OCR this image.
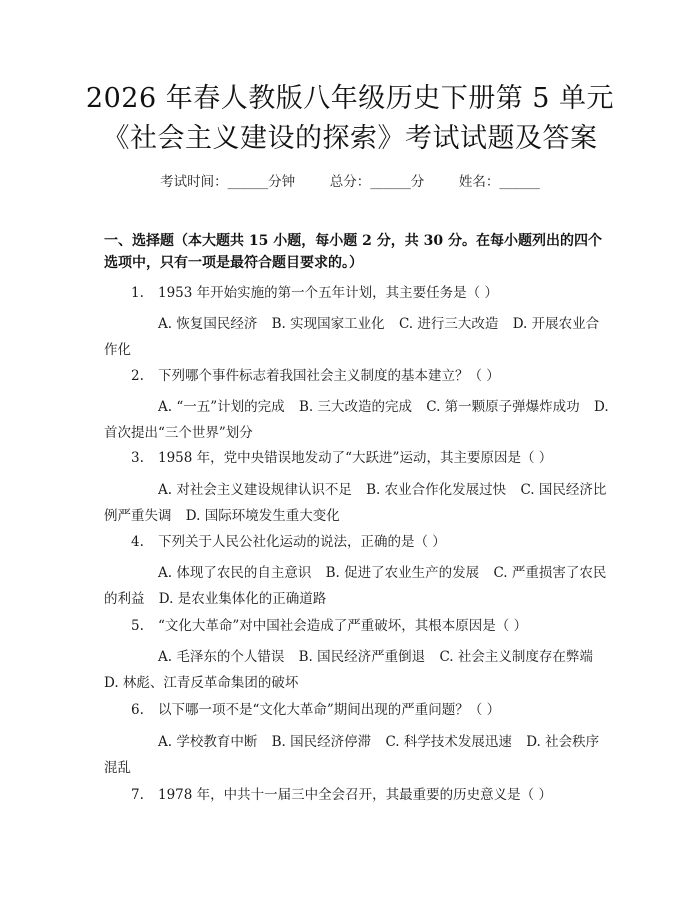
2026 年春人教版八年级历史下册第 5 单元
《社会主义建设的探索》考试试题及答案
考试时间：______分钟	总分：______分	姓名：______
一、选择题（本大题共 15 小题，每小题 2 分，共 30 分。在每小题列出的四个选项中，只有一项是最符合题目要求的。）
1. 1953 年开始实施的第一个五年计划，其主要任务是（ ）
A. 恢复国民经济 B. 实现国家工业化 C. 进行三大改造 D. 开展农业合作化
2. 下列哪个事件标志着我国社会主义制度的基本建立？（ ）
A. “一五”计划的完成 B. 三大改造的完成 C. 第一颗原子弹爆炸成功 D. 首次提出“三个世界”划分
3. 1958 年，党中央错误地发动了“大跃进”运动，其主要原因是（ ）
A. 对社会主义建设规律认识不足 B. 农业合作化发展过快 C. 国民经济比例严重失调 D. 国际环境发生重大变化
4. 下列关于人民公社化运动的说法，正确的是（ ）
A. 体现了农民的自主意识 B. 促进了农业生产的发展 C. 严重损害了农民的利益 D. 是农业集体化的正确道路
5. “文化大革命”对中国社会造成了严重破坏，其根本原因是（ ）
A. 毛泽东的个人错误 B. 国民经济严重倒退 C. 社会主义制度存在弊端 D. 林彪、江青反革命集团的破坏
6. 以下哪一项不是“文化大革命”期间出现的严重问题？（ ）
A. 学校教育中断 B. 国民经济停滞 C. 科学技术发展迅速 D. 社会秩序混乱
7. 1978 年，中共十一届三中全会召开，其最重要的历史意义是（ ）
